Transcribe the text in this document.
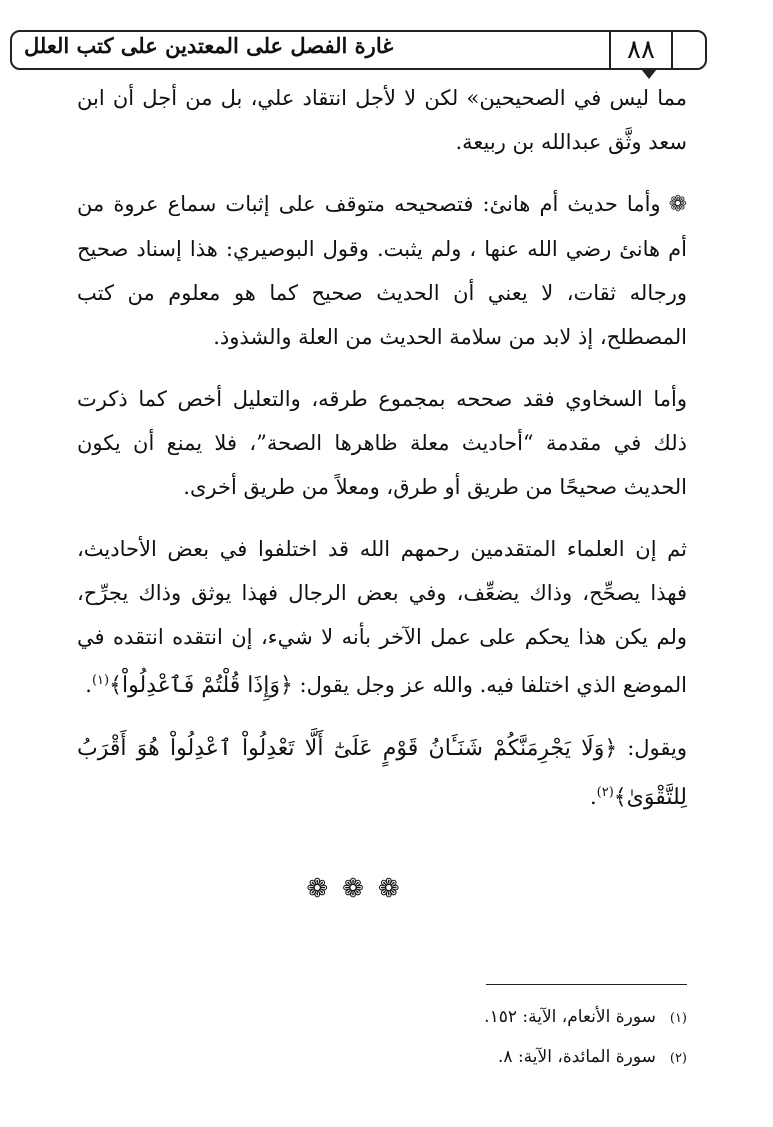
غارة الفصل على المعتدين على كتب العلل	٨٨

مما ليس في الصحيحين» لكن لا لأجل انتقاد علي، بل من أجل أن ابن سعد وثَّق عبدالله بن ربيعة.

❁وأما حديث أم هانئ: فتصحيحه متوقف على إثبات سماع عروة من أم هانئ رضي الله عنها ، ولم يثبت. وقول البوصيري: هذا إسناد صحيح ورجاله ثقات، لا يعني أن الحديث صحيح كما هو معلوم من كتب المصطلح، إذ لابد من سلامة الحديث من العلة والشذوذ.

وأما السخاوي فقد صححه بمجموع طرقه، والتعليل أخص كما ذكرت ذلك في مقدمة “أحاديث معلة ظاهرها الصحة”، فلا يمنع أن يكون الحديث صحيحًا من طريق أو طرق، ومعلاً من طريق أخرى.

ثم إن العلماء المتقدمين رحمهم الله قد اختلفوا في بعض الأحاديث، فهذا يصحِّح، وذاك يضعِّف، وفي بعض الرجال فهذا يوثق وذاك يجرِّح، ولم يكن هذا يحكم على عمل الآخر بأنه لا شيء، إن انتقده انتقده في الموضع الذي اختلفا فيه. والله عز وجل يقول: ﴿وَإِذَا قُلْتُمْ فَٱعْدِلُواْ﴾$^{(١)}$.

ويقول: ﴿وَلَا يَجْرِمَنَّكُمْ شَنَـَٔانُ قَوْمٍ عَلَىٰٓ أَلَّا تَعْدِلُواْ ٱعْدِلُواْ هُوَ أَقْرَبُ لِلتَّقْوَىٰ﴾$^{(٢)}$.

❁❁❁
(١)سورة الأنعام، الآية: ١٥٢.
(٢)سورة المائدة، الآية: ٨.
